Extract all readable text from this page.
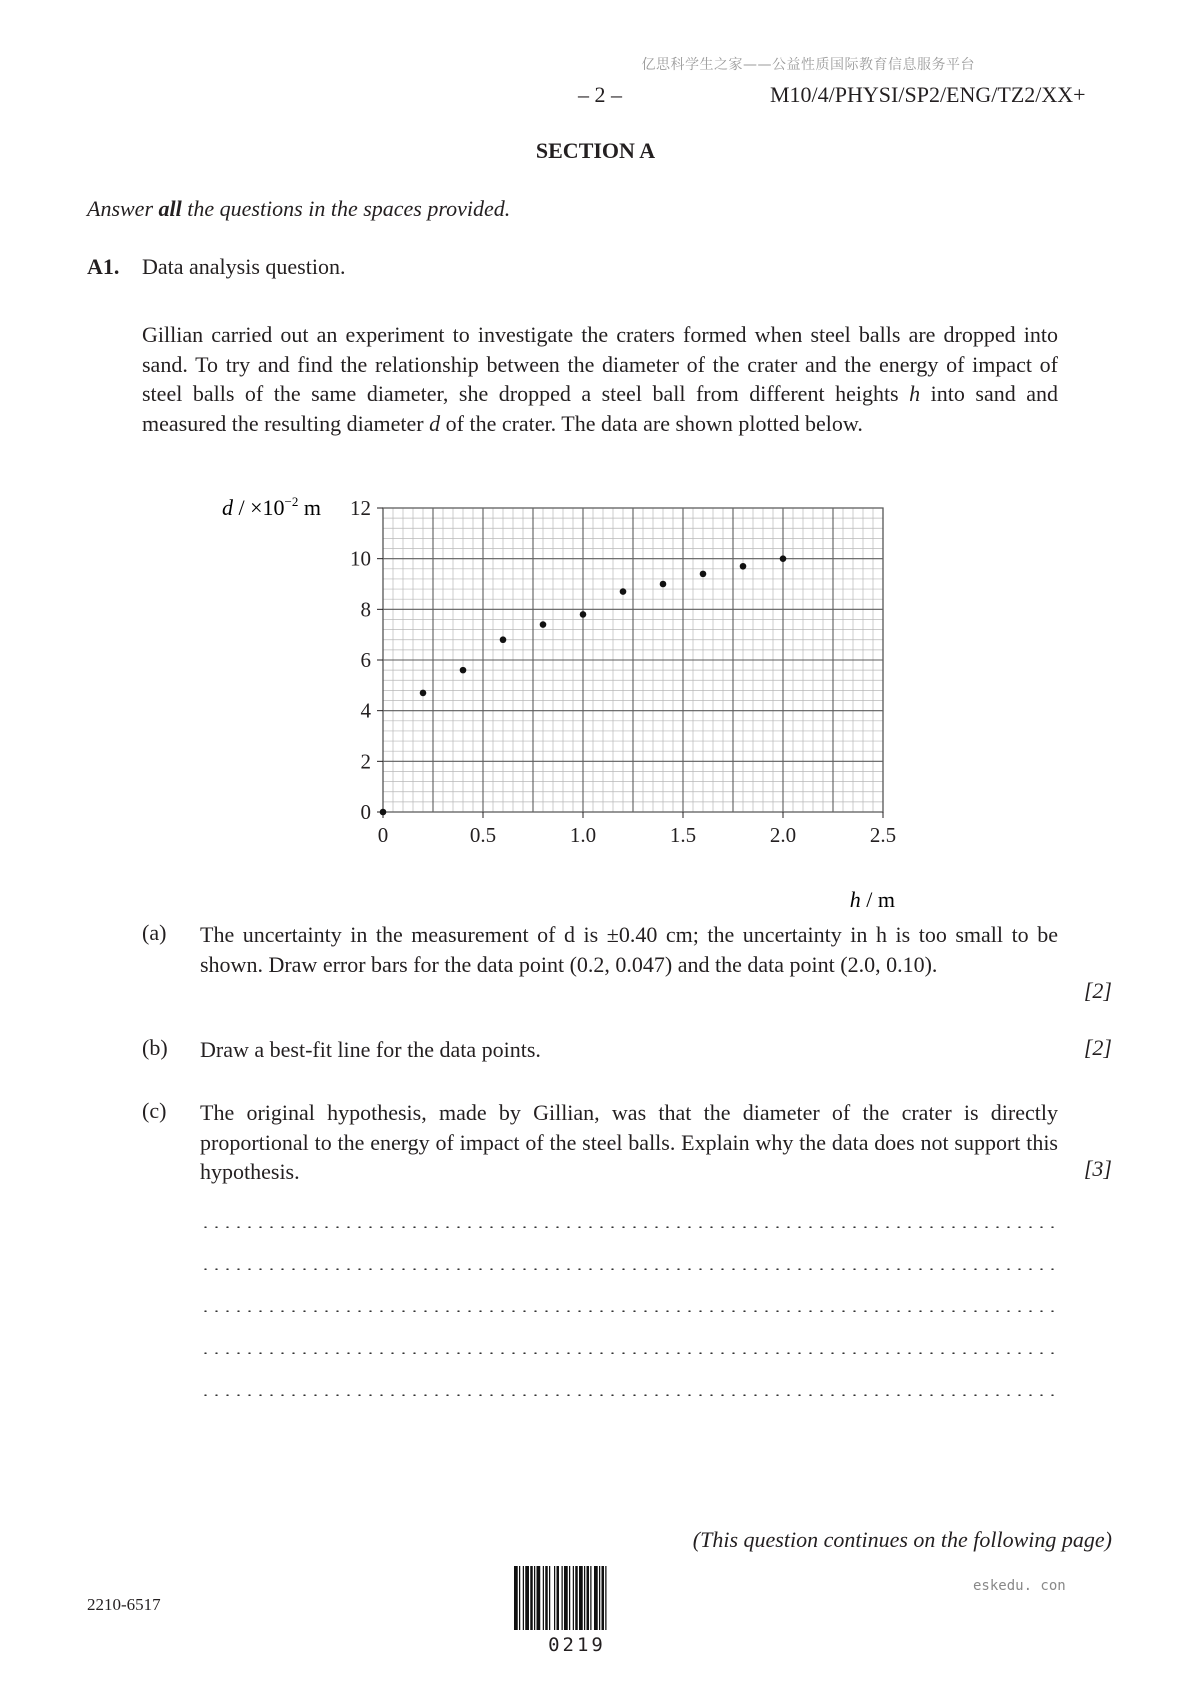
亿思科学生之家——公益性质国际教育信息服务平台
– 2 –	M10/4/PHYSI/SP2/ENG/TZ2/XX+
SECTION A
Answer all the questions in the spaces provided.
A1. Data analysis question.
Gillian carried out an experiment to investigate the craters formed when steel balls are dropped into sand. To try and find the relationship between the diameter of the crater and the energy of impact of steel balls of the same diameter, she dropped a steel ball from different heights h into sand and measured the resulting diameter d of the crater. The data are shown plotted below.
0	0.5	1.0	1.5	2.0	2.5
0
2
4
6
8
10
12
$d / \times 10^{-2}$ m
h / m
(a) The uncertainty in the measurement of d is ±0.40 cm; the uncertainty in h is too small to be shown. Draw error bars for the data point (0.2, 0.047) and the data point (2.0, 0.10).
[2]
(b) Draw a best-fit line for the data points.	[2]
(c) The original hypothesis, made by Gillian, was that the diameter of the crater is directly proportional to the energy of impact of the steel balls. Explain why the data does not support this hypothesis.	[3]
(This question continues on the following page)
2210-6517
eskedu. con
0219
